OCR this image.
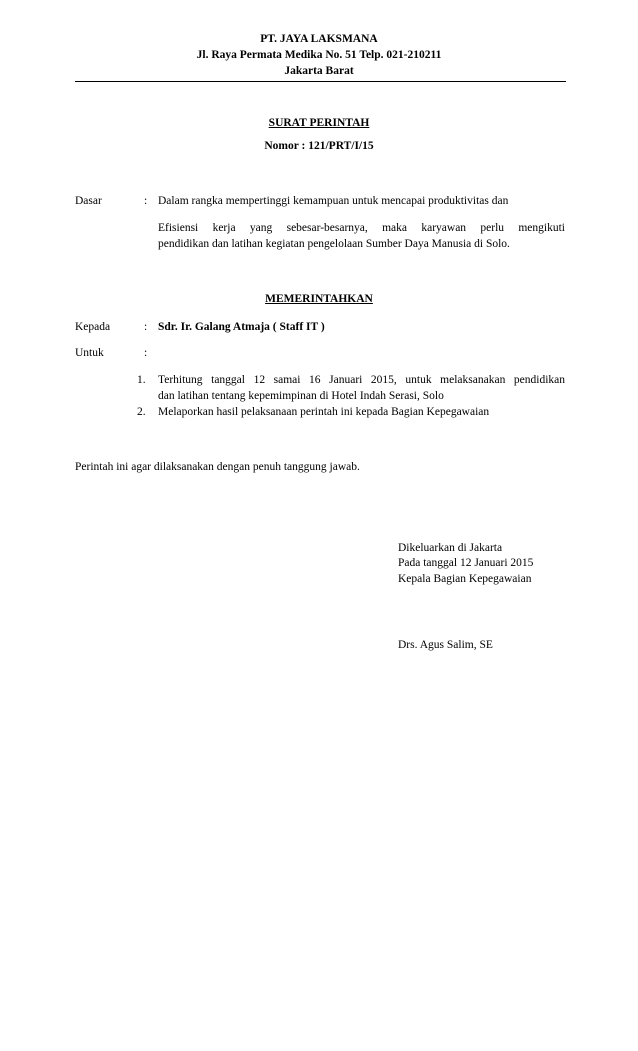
PT. JAYA LAKSMANA
Jl. Raya Permata Medika No. 51 Telp. 021-210211
Jakarta Barat
SURAT PERINTAH
Nomor : 121/PRT/I/15
Dasar	: Dalam rangka mempertinggi kemampuan untuk mencapai produktivitas dan
Efisiensi kerja yang sebesar-besarnya, maka karyawan perlu mengikuti
pendidikan dan latihan kegiatan pengelolaan Sumber Daya Manusia di Solo.
MEMERINTAHKAN
Kepada	: Sdr. Ir. Galang Atmaja ( Staff IT )
Untuk	:
1. Terhitung tanggal 12 samai 16 Januari 2015, untuk melaksanakan pendidikan
dan latihan tentang kepemimpinan di Hotel Indah Serasi, Solo
2. Melaporkan hasil pelaksanaan perintah ini kepada Bagian Kepegawaian
Perintah ini agar dilaksanakan dengan penuh tanggung jawab.
Dikeluarkan di Jakarta
Pada tanggal 12 Januari 2015
Kepala Bagian Kepegawaian
Drs. Agus Salim, SE
